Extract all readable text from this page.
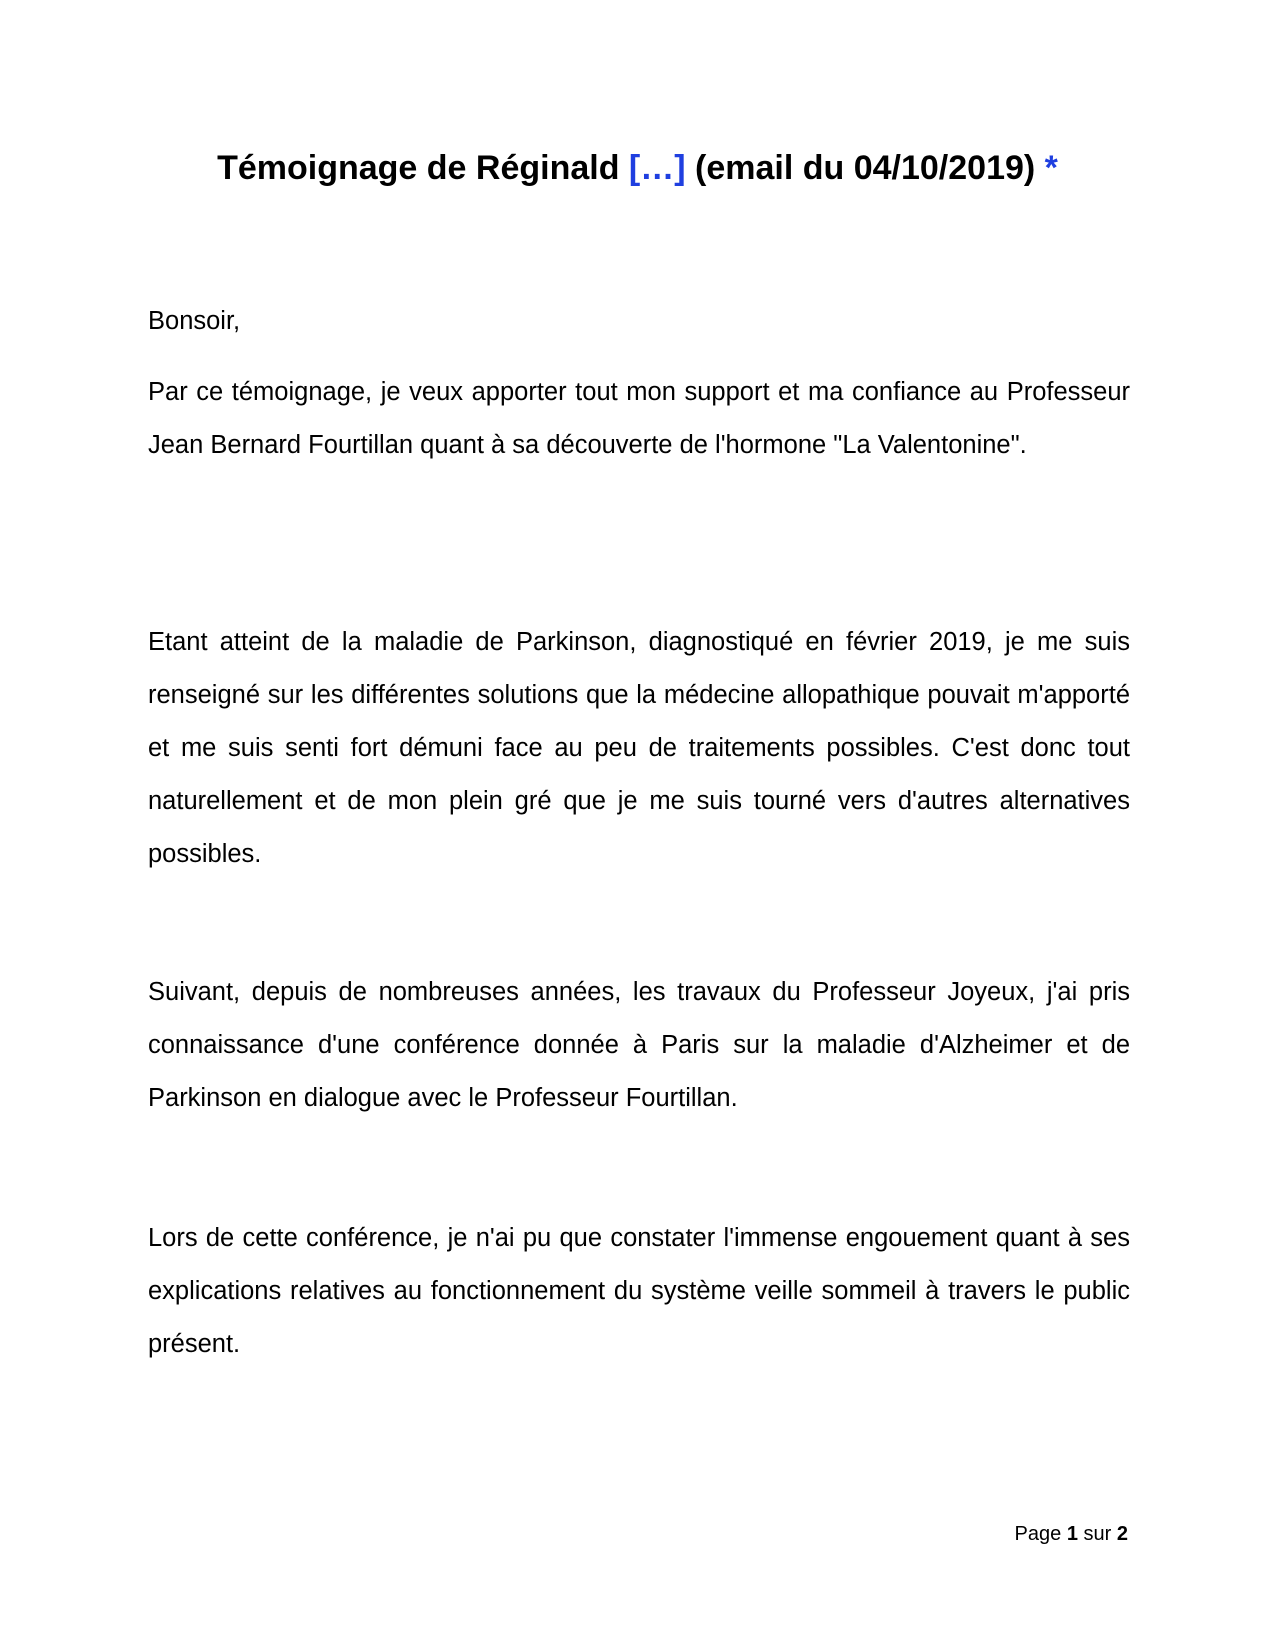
Témoignage de Réginald […] (email du 04/10/2019) *

Bonsoir,

Par ce témoignage, je veux apporter tout mon support et ma confiance au Professeur Jean Bernard Fourtillan quant à sa découverte de l'hormone "La Valentonine".

Etant atteint de la maladie de Parkinson, diagnostiqué en février 2019, je me suis renseigné sur les différentes solutions que la médecine allopathique pouvait m'apporté et me suis senti fort démuni face au peu de traitements possibles. C'est donc tout naturellement et de mon plein gré que je me suis tourné vers d'autres alternatives possibles.

Suivant, depuis de nombreuses années, les travaux du Professeur Joyeux, j'ai pris connaissance d'une conférence donnée à Paris sur la maladie d'Alzheimer et de Parkinson en dialogue avec le Professeur Fourtillan.

Lors de cette conférence, je n'ai pu que constater l'immense engouement quant à ses explications relatives au fonctionnement du système veille sommeil à travers le public présent.

Page 1 sur 2
